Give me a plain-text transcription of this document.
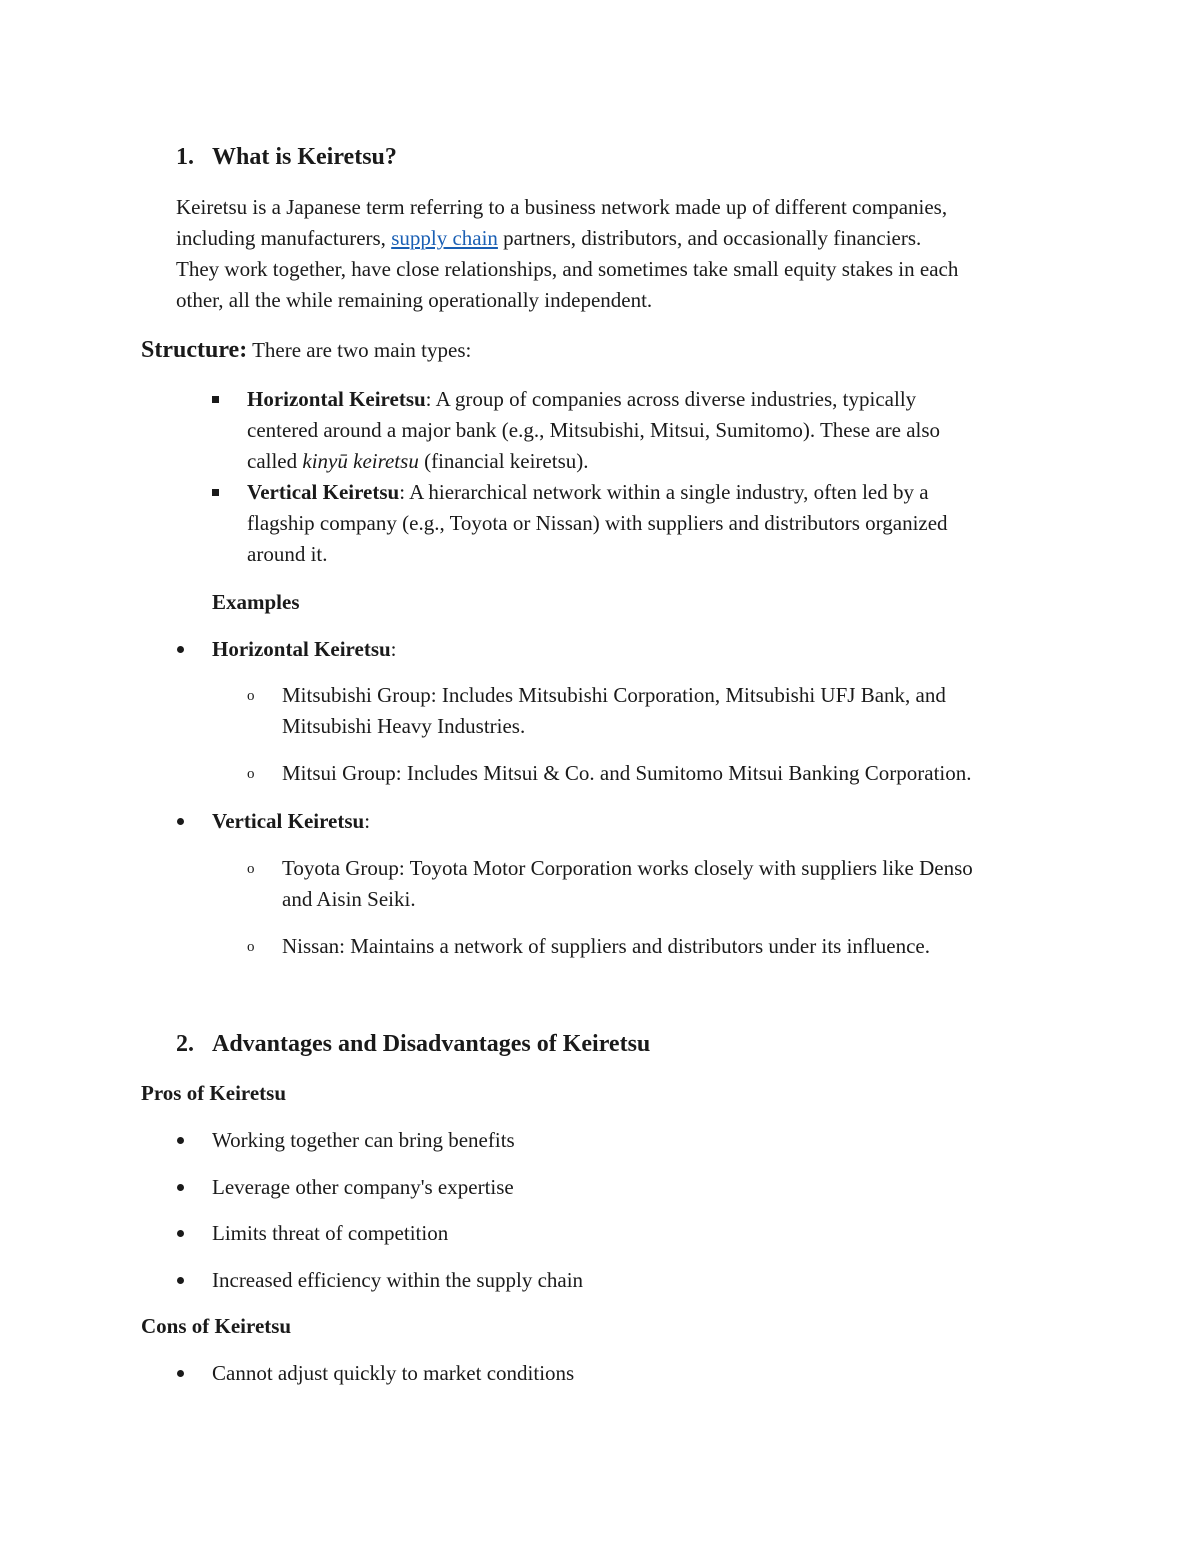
1. What is Keiretsu?
Keiretsu is a Japanese term referring to a business network made up of different companies,
including manufacturers, supply chain partners, distributors, and occasionally financiers.
They work together, have close relationships, and sometimes take small equity stakes in each
other, all the while remaining operationally independent.
Structure: There are two main types:
Horizontal Keiretsu: A group of companies across diverse industries, typically
centered around a major bank (e.g., Mitsubishi, Mitsui, Sumitomo). These are also
called kinyū keiretsu (financial keiretsu).
Vertical Keiretsu: A hierarchical network within a single industry, often led by a
flagship company (e.g., Toyota or Nissan) with suppliers and distributors organized
around it.
Examples
Horizontal Keiretsu:
o Mitsubishi Group: Includes Mitsubishi Corporation, Mitsubishi UFJ Bank, and
Mitsubishi Heavy Industries.
o Mitsui Group: Includes Mitsui & Co. and Sumitomo Mitsui Banking Corporation.
Vertical Keiretsu:
o Toyota Group: Toyota Motor Corporation works closely with suppliers like Denso
and Aisin Seiki.
o Nissan: Maintains a network of suppliers and distributors under its influence.
2. Advantages and Disadvantages of Keiretsu
Pros of Keiretsu
Working together can bring benefits
Leverage other company's expertise
Limits threat of competition
Increased efficiency within the supply chain
Cons of Keiretsu
Cannot adjust quickly to market conditions
